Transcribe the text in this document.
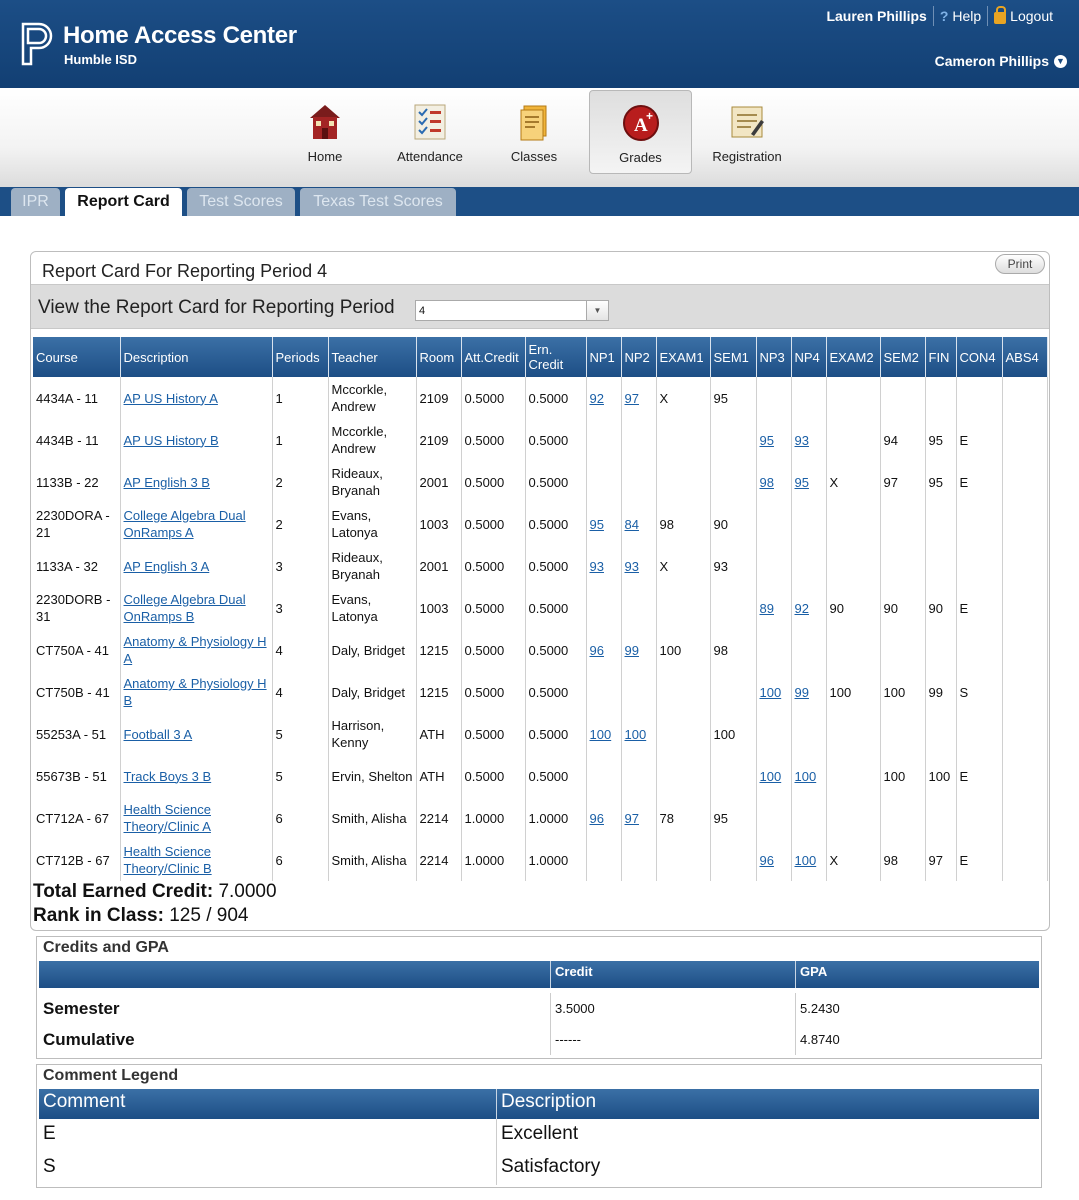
Home Access Center
Humble ISD
Lauren Phillips ? Help Logout
Cameron Phillips ▼
Home	Attendance	Classes
A
+
Grades	Registration
IPR	Report Card	Test Scores	Texas Test Scores
Report Card For Reporting Period 4	Print
View the Report Card for Reporting Period	4	▼
Course	Description	Periods	Teacher	Room	Att.Credit	Ern. Credit	NP1	NP2	EXAM1	SEM1	NP3	NP4	EXAM2	SEM2	FIN	CON4	ABS4
4434A - 11	AP US History A	1	Mccorkle, Andrew	2109	0.5000	0.5000	92	97	X	95							
4434B - 11	AP US History B	1	Mccorkle, Andrew	2109	0.5000	0.5000					95	93		94	95	E	
1133B - 22	AP English 3 B	2	Rideaux, Bryanah	2001	0.5000	0.5000					98	95	X	97	95	E	
2230DORA - 21	College Algebra Dual OnRamps A	2	Evans, Latonya	1003	0.5000	0.5000	95	84	98	90							
1133A - 32	AP English 3 A	3	Rideaux, Bryanah	2001	0.5000	0.5000	93	93	X	93							
2230DORB - 31	College Algebra Dual OnRamps B	3	Evans, Latonya	1003	0.5000	0.5000					89	92	90	90	90	E	
CT750A - 41	Anatomy & Physiology H A	4	Daly, Bridget	1215	0.5000	0.5000	96	99	100	98							
CT750B - 41	Anatomy & Physiology H B	4	Daly, Bridget	1215	0.5000	0.5000					100	99	100	100	99	S	
55253A - 51	Football 3 A	5	Harrison, Kenny	ATH	0.5000	0.5000	100	100		100							
55673B - 51	Track Boys 3 B	5	Ervin, Shelton	ATH	0.5000	0.5000					100	100		100	100	E	
CT712A - 67	Health Science Theory/Clinic A	6	Smith, Alisha	2214	1.0000	1.0000	96	97	78	95							
CT712B - 67	Health Science Theory/Clinic B	6	Smith, Alisha	2214	1.0000	1.0000					96	100	X	98	97	E	
Total Earned Credit: 7.0000
Rank in Class: 125 / 904
Credits and GPA
Credit	GPA
Semester	3.5000	5.2430
Cumulative	------	4.8740
Comment Legend
Comment	Description
E	Excellent
S	Satisfactory
